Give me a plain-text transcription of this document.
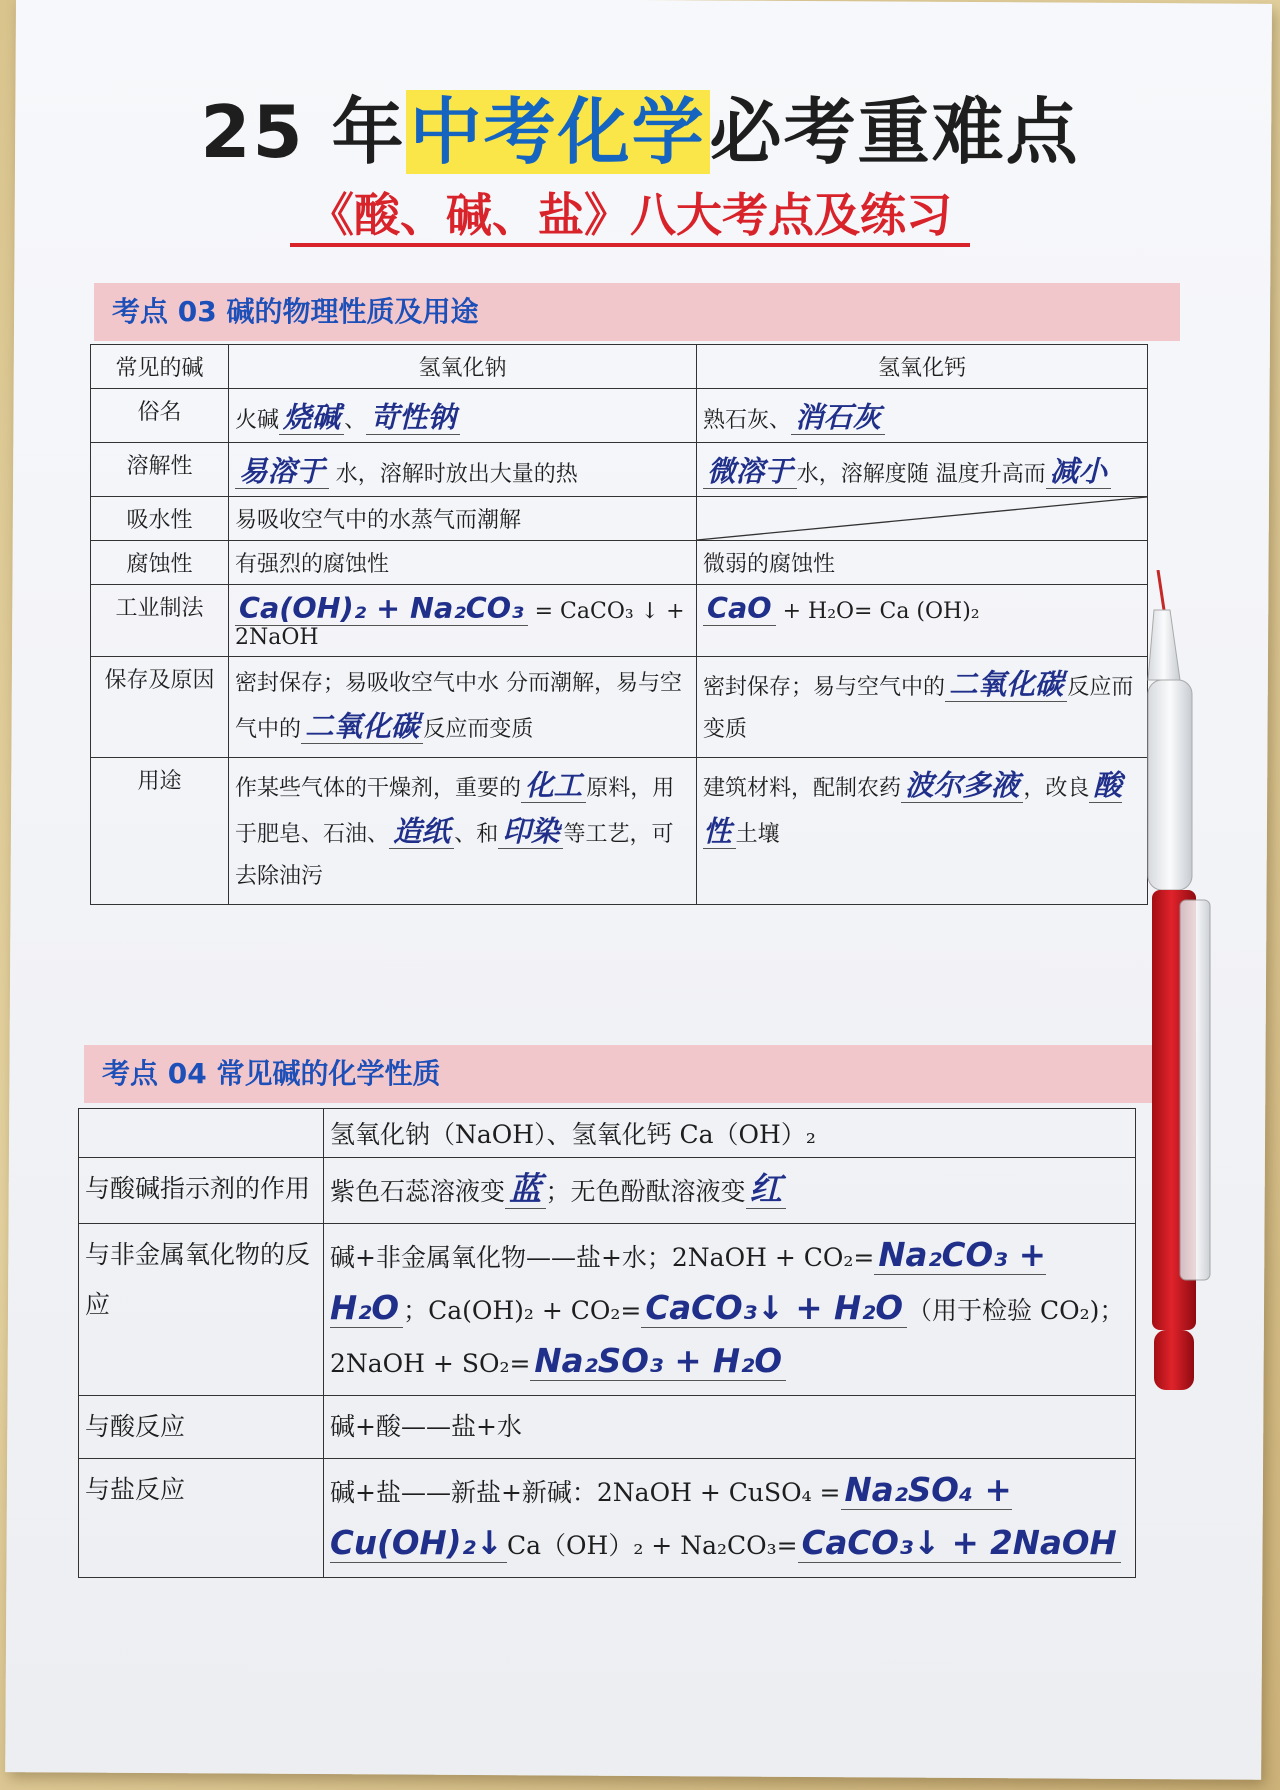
25 年中考化学必考重难点
《酸、碱、盐》八大考点及练习
考点 03 碱的物理性质及用途
常见的碱	氢氧化钠	氢氧化钙
俗名	火碱 烧碱 、 苛性钠	熟石灰、 消石灰
溶解性	易溶于 水，溶解时放出大量的热	微溶于 水，溶解度随 温度升高而 减小
吸水性	易吸收空气中的水蒸气而潮解	

腐蚀性	有强烈的腐蚀性	微弱的腐蚀性
工业制法	Ca(OH)₂ + Na₂CO₃ = CaCO₃ ↓ + 2NaOH	CaO + H₂O= Ca (OH)₂
保存及原因	密封保存；易吸收空气中水 分而潮解，易与空气中的 二氧化碳 反应而变质	密封保存；易与空气中的 二氧化碳 反应而变质
用途	作某些气体的干燥剂，重要的 化工 原料，用于肥皂、石油、 造纸 、和 印染 等工艺，可去除油污	建筑材料，配制农药 波尔多液 ，改良 酸性 土壤
考点 04 常见碱的化学性质
	氢氧化钠（NaOH）、氢氧化钙 Ca（OH）₂
与酸碱指示剂的作用	紫色石蕊溶液变 蓝 ；无色酚酞溶液变 红
与非金属氧化物的反应	碱+非金属氧化物——盐+水；2NaOH + CO₂= Na₂CO₃ + H₂O ；Ca(OH)₂ + CO₂= CaCO₃↓ + H₂O （用于检验 CO₂)；2NaOH + SO₂= Na₂SO₃ + H₂O
与酸反应	碱+酸——盐+水
与盐反应	碱+盐——新盐+新碱：2NaOH + CuSO₄ = Na₂SO₄ + Cu(OH)₂↓ Ca（OH）₂ + Na₂CO₃= CaCO₃↓ + 2NaOH
